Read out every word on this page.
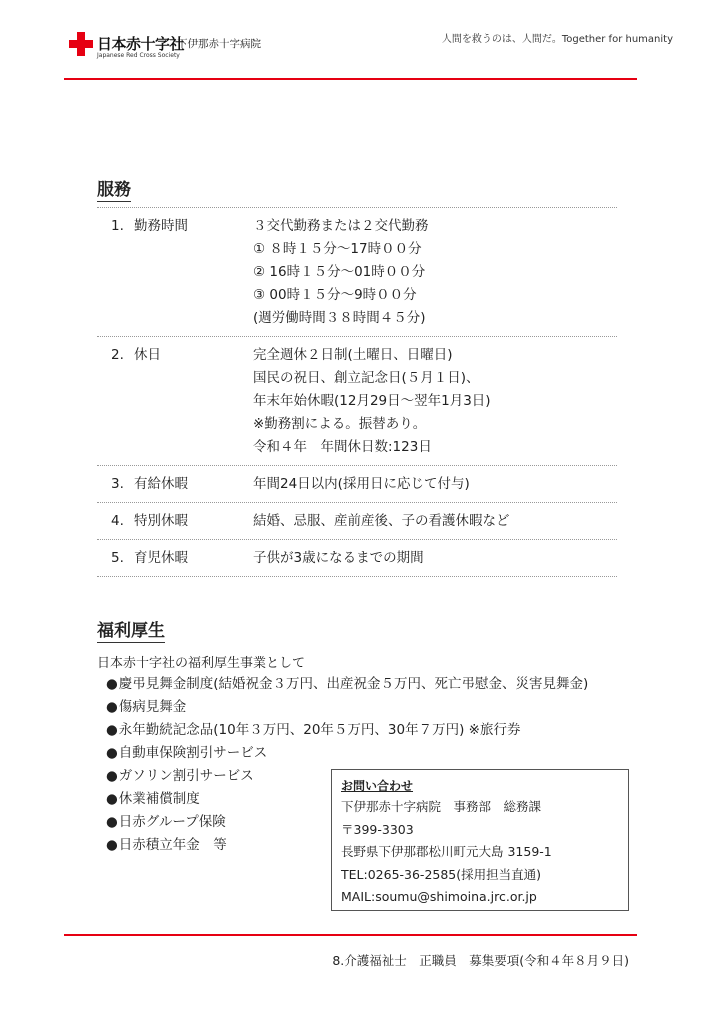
日本赤十字社
Japanese Red Cross Society
下伊那赤十字病院	人間を救うのは、人間だ。Together for humanity
服務
1. 勤務時間	３交代勤務または２交代勤務
① ８時１５分～17時００分
② 16時１５分～01時００分
③ 00時１５分～9時００分
(週労働時間３８時間４５分)
2. 休日	完全週休２日制(土曜日、日曜日)
国民の祝日、創立記念日(５月１日)、
年末年始休暇(12月29日～翌年1月3日)
※勤務割による。振替あり。
令和４年　年間休日数:123日
3. 有給休暇	年間24日以内(採用日に応じて付与)
4. 特別休暇	結婚、忌服、産前産後、子の看護休暇など
5. 育児休暇	子供が3歳になるまでの期間
福利厚生
日本赤十字社の福利厚生事業として
●慶弔見舞金制度(結婚祝金３万円、出産祝金５万円、死亡弔慰金、災害見舞金)
●傷病見舞金
●永年勤続記念品(10年３万円、20年５万円、30年７万円) ※旅行券
●自動車保険割引サービス
●ガソリン割引サービス
●休業補償制度
●日赤グループ保険
●日赤積立年金　等
お問い合わせ
下伊那赤十字病院　事務部　総務課
〒399-3303
長野県下伊那郡松川町元大島 3159-1
TEL:0265-36-2585(採用担当直通)
MAIL:soumu@shimoina.jrc.or.jp
8.介護福祉士　正職員　募集要項(令和４年８月９日)
